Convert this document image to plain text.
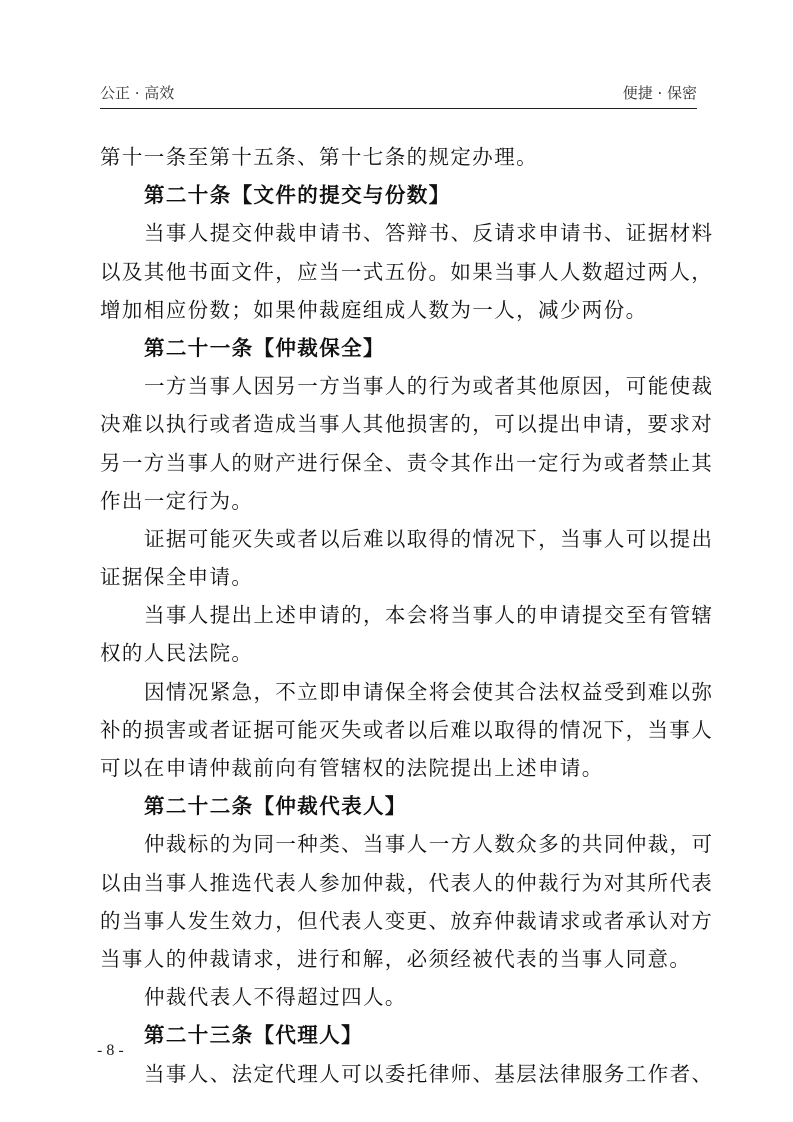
公正 · 高效	便捷 · 保密
第十一条至第十五条、第十七条的规定办理。
第二十条【文件的提交与份数】
当事人提交仲裁申请书、答辩书、反请求申请书、证据材料
以及其他书面文件，应当一式五份。如果当事人人数超过两人，
增加相应份数；如果仲裁庭组成人数为一人，减少两份。
第二十一条【仲裁保全】
一方当事人因另一方当事人的行为或者其他原因，可能使裁
决难以执行或者造成当事人其他损害的，可以提出申请，要求对
另一方当事人的财产进行保全、责令其作出一定行为或者禁止其
作出一定行为。
证据可能灭失或者以后难以取得的情况下，当事人可以提出
证据保全申请。
当事人提出上述申请的，本会将当事人的申请提交至有管辖
权的人民法院。
因情况紧急，不立即申请保全将会使其合法权益受到难以弥
补的损害或者证据可能灭失或者以后难以取得的情况下，当事人
可以在申请仲裁前向有管辖权的法院提出上述申请。
第二十二条【仲裁代表人】
仲裁标的为同一种类、当事人一方人数众多的共同仲裁，可
以由当事人推选代表人参加仲裁，代表人的仲裁行为对其所代表
的当事人发生效力，但代表人变更、放弃仲裁请求或者承认对方
当事人的仲裁请求，进行和解，必须经被代表的当事人同意。
仲裁代表人不得超过四人。
第二十三条【代理人】
当事人、法定代理人可以委托律师、基层法律服务工作者、
- 8 -
